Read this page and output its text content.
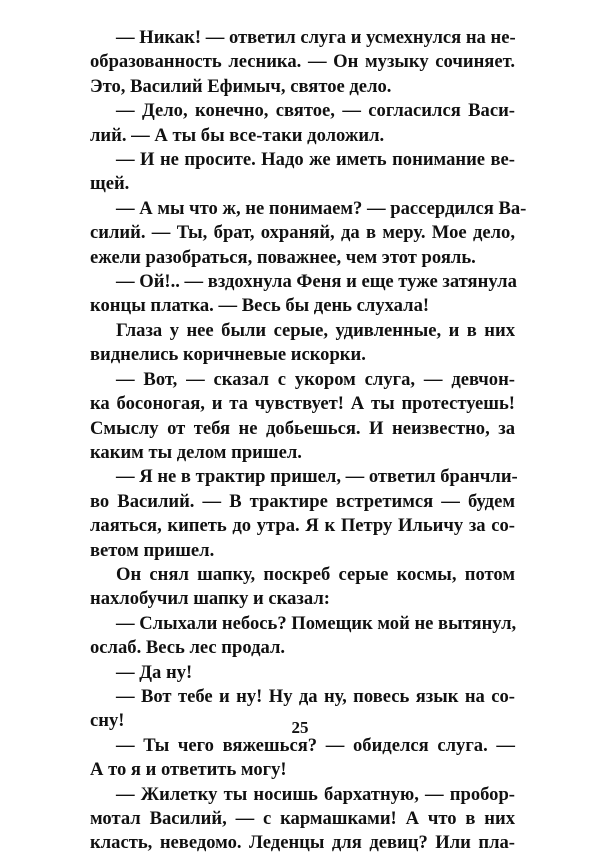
— Никак! — ответил слуга и усмехнулся на не-
образованность лесника. — Он музыку сочиняет.
Это, Василий Ефимыч, святое дело.
— Дело, конечно, святое, — согласился Васи-
лий. — А ты бы все-таки доложил.
— И не просите. Надо же иметь понимание ве-
щей.
— А мы что ж, не понимаем? — рассердился Ва-
силий. — Ты, брат, охраняй, да в меру. Мое дело,
ежели разобраться, поважнее, чем этот рояль.
— Ой!.. — вздохнула Феня и еще туже затянула
концы платка. — Весь бы день слухала!
Глаза у нее были серые, удивленные, и в них
виднелись коричневые искорки.
— Вот, — сказал с укором слуга, — девчон-
ка босоногая, и та чувствует! А ты протестуешь!
Смыслу от тебя не добьешься. И неизвестно, за
каким ты делом пришел.
— Я не в трактир пришел, — ответил бранчли-
во Василий. — В трактире встретимся — будем
лаяться, кипеть до утра. Я к Петру Ильичу за со-
ветом пришел.
Он снял шапку, поскреб серые космы, потом
нахлобучил шапку и сказал:
— Слыхали небось? Помещик мой не вытянул,
ослаб. Весь лес продал.
— Да ну!
— Вот тебе и ну! Ну да ну, повесь язык на со-
сну!
— Ты чего вяжешься? — обиделся слуга. —
А то я и ответить могу!
— Жилетку ты носишь бархатную, — пробор-
мотал Василий, — с кармашками! А что в них
класть, неведомо. Леденцы для девиц? Или пла-
25
